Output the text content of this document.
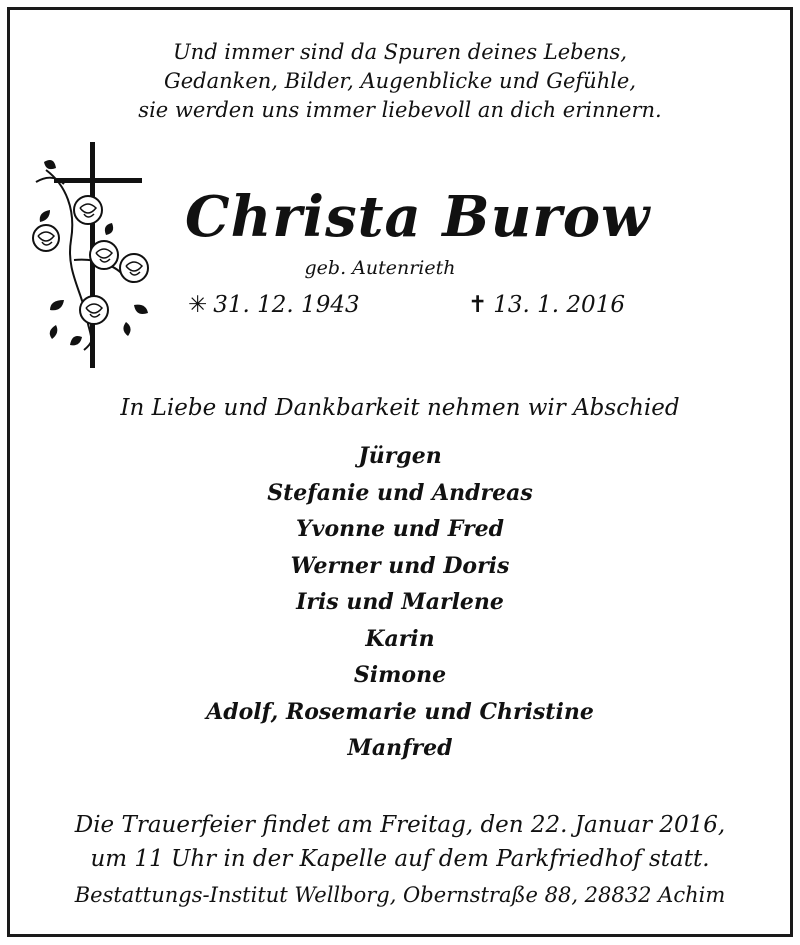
Und immer sind da Spuren deines Lebens,
Gedanken, Bilder, Augenblicke und Gefühle,
sie werden uns immer liebevoll an dich erinnern.
Christa Burow
geb. Autenrieth
✳ 31. 12. 1943	✝ 13. 1. 2016
In Liebe und Dankbarkeit nehmen wir Abschied
Jürgen
Stefanie und Andreas
Yvonne und Fred
Werner und Doris
Iris und Marlene
Karin
Simone
Adolf, Rosemarie und Christine
Manfred
Die Trauerfeier findet am Freitag, den 22. Januar 2016,
um 11 Uhr in der Kapelle auf dem Parkfriedhof statt.
Bestattungs-Institut Wellborg, Obernstraße 88, 28832 Achim
